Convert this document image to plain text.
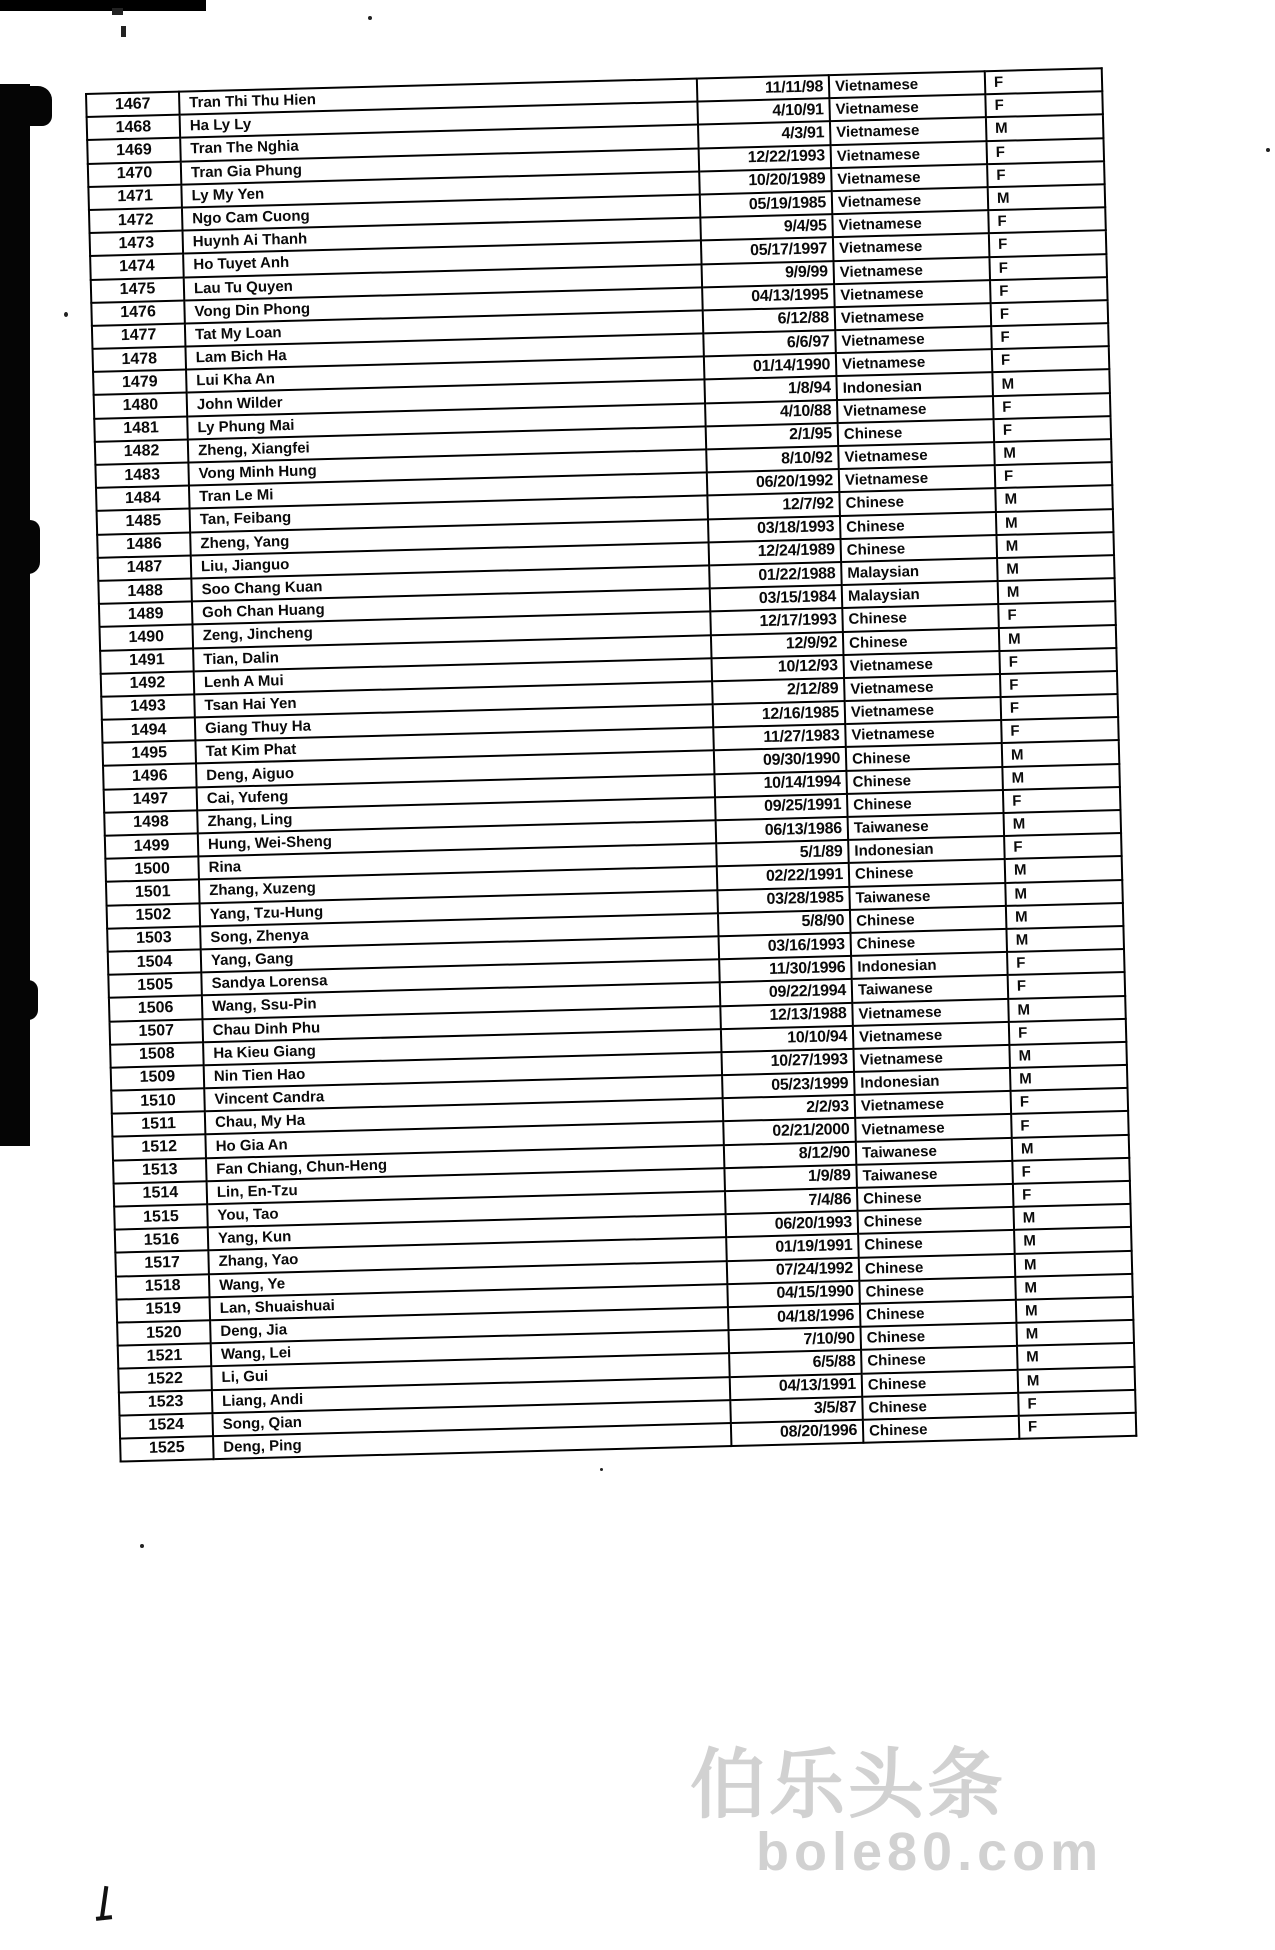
1467	Tran Thi Thu Hien	11/11/98	Vietnamese	F
1468	Ha Ly Ly	4/10/91	Vietnamese	F
1469	Tran The Nghia	4/3/91	Vietnamese	M
1470	Tran Gia Phung	12/22/1993	Vietnamese	F
1471	Ly My Yen	10/20/1989	Vietnamese	F
1472	Ngo Cam Cuong	05/19/1985	Vietnamese	M
1473	Huynh Ai Thanh	9/4/95	Vietnamese	F
1474	Ho Tuyet Anh	05/17/1997	Vietnamese	F
1475	Lau Tu Quyen	9/9/99	Vietnamese	F
1476	Vong Din Phong	04/13/1995	Vietnamese	F
1477	Tat My Loan	6/12/88	Vietnamese	F
1478	Lam Bich Ha	6/6/97	Vietnamese	F
1479	Lui Kha An	01/14/1990	Vietnamese	F
1480	John Wilder	1/8/94	Indonesian	M
1481	Ly Phung Mai	4/10/88	Vietnamese	F
1482	Zheng, Xiangfei	2/1/95	Chinese	F
1483	Vong Minh Hung	8/10/92	Vietnamese	M
1484	Tran Le Mi	06/20/1992	Vietnamese	F
1485	Tan, Feibang	12/7/92	Chinese	M
1486	Zheng, Yang	03/18/1993	Chinese	M
1487	Liu, Jianguo	12/24/1989	Chinese	M
1488	Soo Chang Kuan	01/22/1988	Malaysian	M
1489	Goh Chan Huang	03/15/1984	Malaysian	M
1490	Zeng, Jincheng	12/17/1993	Chinese	F
1491	Tian, Dalin	12/9/92	Chinese	M
1492	Lenh A Mui	10/12/93	Vietnamese	F
1493	Tsan Hai Yen	2/12/89	Vietnamese	F
1494	Giang Thuy Ha	12/16/1985	Vietnamese	F
1495	Tat Kim Phat	11/27/1983	Vietnamese	F
1496	Deng, Aiguo	09/30/1990	Chinese	M
1497	Cai, Yufeng	10/14/1994	Chinese	M
1498	Zhang, Ling	09/25/1991	Chinese	F
1499	Hung, Wei-Sheng	06/13/1986	Taiwanese	M
1500	Rina	5/1/89	Indonesian	F
1501	Zhang, Xuzeng	02/22/1991	Chinese	M
1502	Yang, Tzu-Hung	03/28/1985	Taiwanese	M
1503	Song, Zhenya	5/8/90	Chinese	M
1504	Yang, Gang	03/16/1993	Chinese	M
1505	Sandya Lorensa	11/30/1996	Indonesian	F
1506	Wang, Ssu-Pin	09/22/1994	Taiwanese	F
1507	Chau Dinh Phu	12/13/1988	Vietnamese	M
1508	Ha Kieu Giang	10/10/94	Vietnamese	F
1509	Nin Tien Hao	10/27/1993	Vietnamese	M
1510	Vincent Candra	05/23/1999	Indonesian	M
1511	Chau, My Ha	2/2/93	Vietnamese	F
1512	Ho Gia An	02/21/2000	Vietnamese	F
1513	Fan Chiang, Chun-Heng	8/12/90	Taiwanese	M
1514	Lin, En-Tzu	1/9/89	Taiwanese	F
1515	You, Tao	7/4/86	Chinese	F
1516	Yang, Kun	06/20/1993	Chinese	M
1517	Zhang, Yao	01/19/1991	Chinese	M
1518	Wang, Ye	07/24/1992	Chinese	M
1519	Lan, Shuaishuai	04/15/1990	Chinese	M
1520	Deng, Jia	04/18/1996	Chinese	M
1521	Wang, Lei	7/10/90	Chinese	M
1522	Li, Gui	6/5/88	Chinese	M
1523	Liang, Andi	04/13/1991	Chinese	M
1524	Song, Qian	3/5/87	Chinese	F
1525	Deng, Ping	08/20/1996	Chinese	F
伯乐头条
bole80.com
